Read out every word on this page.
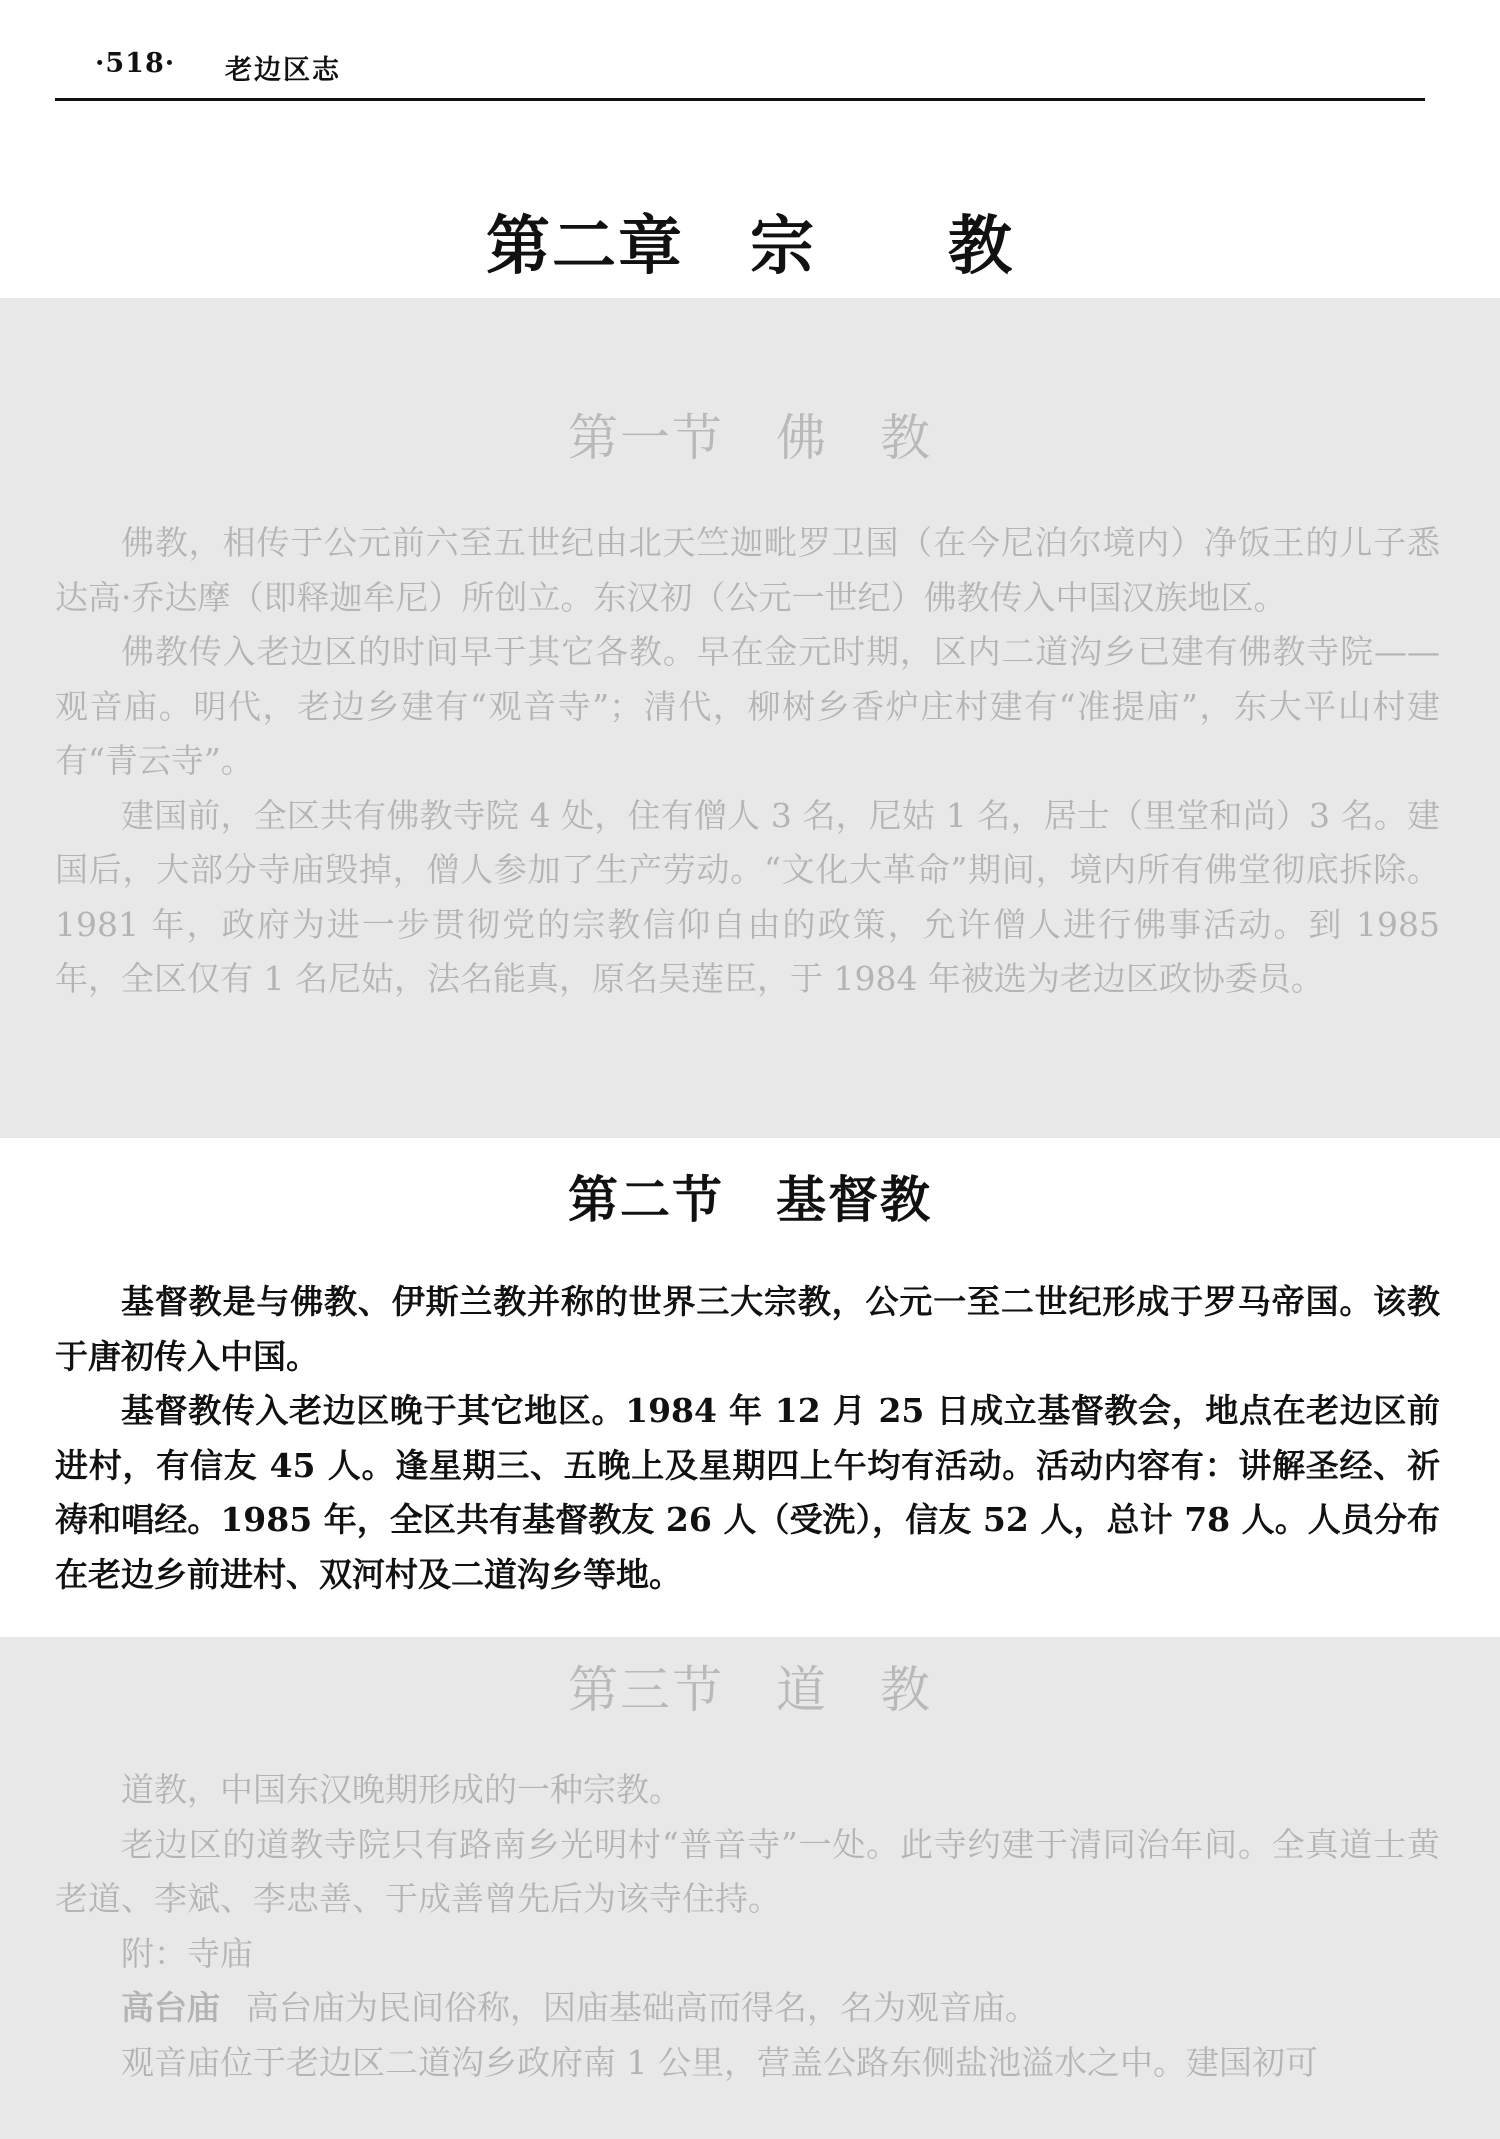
·518· 老边区志
第二章　宗　　教
第一节　佛　教

佛教，相传于公元前六至五世纪由北天竺迦毗罗卫国（在今尼泊尔境内）净饭王的儿子悉达高·乔达摩（即释迦牟尼）所创立。东汉初（公元一世纪）佛教传入中国汉族地区。

佛教传入老边区的时间早于其它各教。早在金元时期，区内二道沟乡已建有佛教寺院——观音庙。明代，老边乡建有“观音寺”；清代，柳树乡香炉庄村建有“准提庙”，东大平山村建有“青云寺”。

建国前，全区共有佛教寺院 4 处，住有僧人 3 名，尼姑 1 名，居士（里堂和尚）3 名。建国后，大部分寺庙毁掉，僧人参加了生产劳动。“文化大革命”期间，境内所有佛堂彻底拆除。1981 年，政府为进一步贯彻党的宗教信仰自由的政策，允许僧人进行佛事活动。到 1985 年，全区仅有 1 名尼姑，法名能真，原名吴莲臣，于 1984 年被选为老边区政协委员。

第二节　基督教

基督教是与佛教、伊斯兰教并称的世界三大宗教，公元一至二世纪形成于罗马帝国。该教于唐初传入中国。

基督教传入老边区晚于其它地区。1984 年 12 月 25 日成立基督教会，地点在老边区前进村，有信友 45 人。逢星期三、五晚上及星期四上午均有活动。活动内容有：讲解圣经、祈祷和唱经。1985 年，全区共有基督教友 26 人（受洗），信友 52 人，总计 78 人。人员分布在老边乡前进村、双河村及二道沟乡等地。

第三节　道　教

道教，中国东汉晚期形成的一种宗教。

老边区的道教寺院只有路南乡光明村“普音寺”一处。此寺约建于清同治年间。全真道士黄老道、李斌、李忠善、于成善曾先后为该寺住持。

附：寺庙

高台庙 高台庙为民间俗称，因庙基础高而得名，名为观音庙。

观音庙位于老边区二道沟乡政府南 1 公里，营盖公路东侧盐池溢水之中。建国初可
